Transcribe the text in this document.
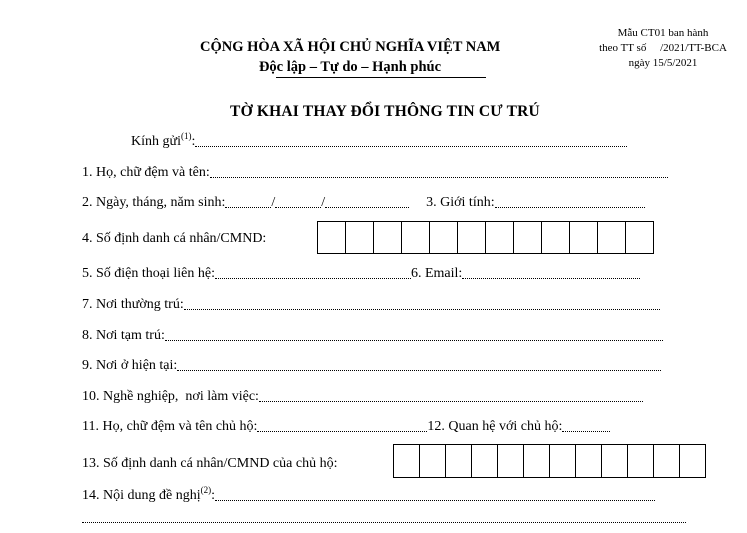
CỘNG HÒA XÃ HỘI CHỦ NGHĨA VIỆT NAM
Độc lập – Tự do – Hạnh phúc
Mẫu CT01 ban hành
theo TT số     /2021/TT-BCA
ngày 15/5/2021
TỜ KHAI THAY ĐỔI THÔNG TIN CƯ TRÚ
Kính gửi$^{(1)}$:
1. Họ, chữ đệm và tên:
2. Ngày, tháng, năm sinh:	/	/	3. Giới tính:
4. Số định danh cá nhân/CMND:
5. Số điện thoại liên hệ:	6. Email:
7. Nơi thường trú:
8. Nơi tạm trú:
9. Nơi ở hiện tại:
10. Nghề nghiệp,  nơi làm việc:
11. Họ, chữ đệm và tên chủ hộ:	12. Quan hệ với chủ hộ:
13. Số định danh cá nhân/CMND của chủ hộ:
14. Nội dung đề nghị$^{(2)}$:
